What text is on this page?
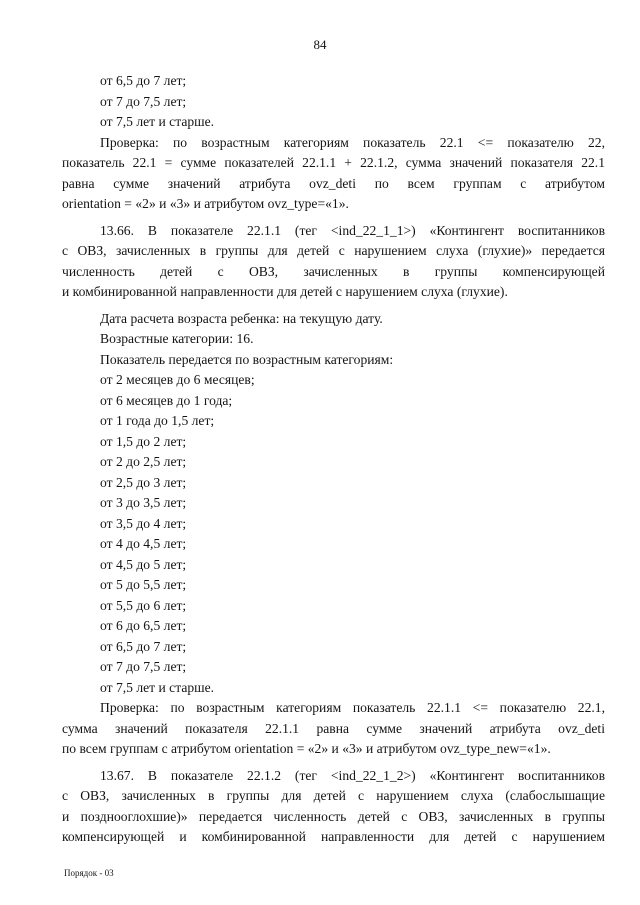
84

от 6,5 до 7 лет;

от 7 до 7,5 лет;

от 7,5 лет и старше.

Проверка: по возрастным категориям показатель 22.1 <= показателю 22,

показатель 22.1 = сумме показателей 22.1.1 + 22.1.2, сумма значений показателя 22.1

равна сумме значений атрибута ovz_deti по всем группам с атрибутом

orientation = «2» и «3» и атрибутом ovz_type=«1».

13.66. В показателе 22.1.1 (тег <ind_22_1_1>) «Контингент воспитанников

с ОВЗ, зачисленных в группы для детей с нарушением слуха (глухие)» передается

численность детей с ОВЗ, зачисленных в группы компенсирующей

и комбинированной направленности для детей с нарушением слуха (глухие).

Дата расчета возраста ребенка: на текущую дату.

Возрастные категории: 16.

Показатель передается по возрастным категориям:

от 2 месяцев до 6 месяцев;

от 6 месяцев до 1 года;

от 1 года до 1,5 лет;

от 1,5 до 2 лет;

от 2 до 2,5 лет;

от 2,5 до 3 лет;

от 3 до 3,5 лет;

от 3,5 до 4 лет;

от 4 до 4,5 лет;

от 4,5 до 5 лет;

от 5 до 5,5 лет;

от 5,5 до 6 лет;

от 6 до 6,5 лет;

от 6,5 до 7 лет;

от 7 до 7,5 лет;

от 7,5 лет и старше.

Проверка: по возрастным категориям показатель 22.1.1 <= показателю 22.1,

сумма значений показателя 22.1.1 равна сумме значений атрибута ovz_deti

по всем группам с атрибутом orientation = «2» и «3» и атрибутом ovz_type_new=«1».

13.67. В показателе 22.1.2 (тег <ind_22_1_2>) «Контингент воспитанников

с ОВЗ, зачисленных в группы для детей с нарушением слуха (слабослышащие

и позднооглохшие)» передается численность детей с ОВЗ, зачисленных в группы

компенсирующей и комбинированной направленности для детей с нарушением

Порядок - 03
